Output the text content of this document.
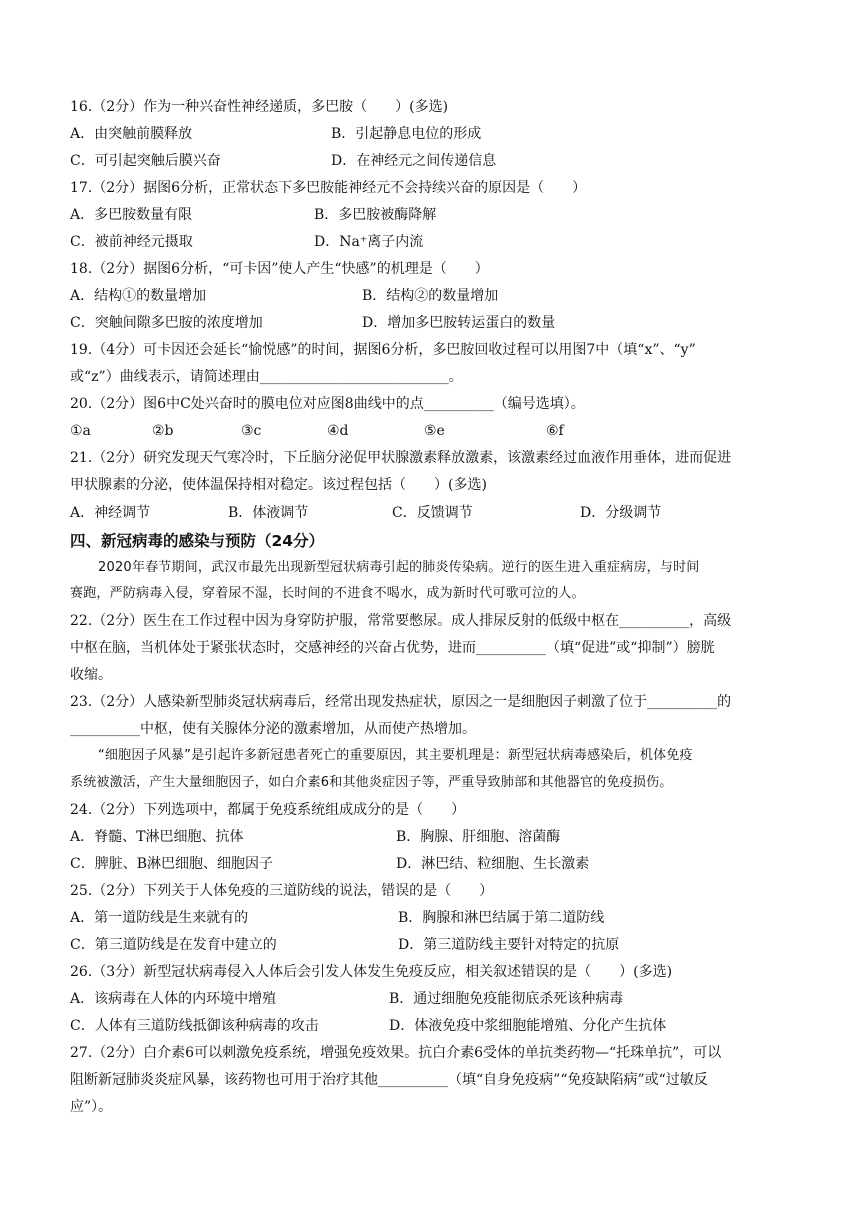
16.（2分）作为一种兴奋性神经递质，多巴胺（　　）(多选)
A．由突触前膜释放	B．引起静息电位的形成
C．可引起突触后膜兴奋	D．在神经元之间传递信息
17.（2分）据图6分析，正常状态下多巴胺能神经元不会持续兴奋的原因是（　　）
A．多巴胺数量有限	B．多巴胺被酶降解
C．被前神经元摄取	D．Na⁺离子内流
18.（2分）据图6分析，“可卡因”使人产生“快感”的机理是（　　）
A．结构①的数量增加	B．结构②的数量增加
C．突触间隙多巴胺的浓度增加	D．增加多巴胺转运蛋白的数量
19.（4分）可卡因还会延长“愉悦感”的时间，据图6分析，多巴胺回收过程可以用图7中（填“x”、“y”
或“z”）曲线表示，请简述理由___________________________。
20.（2分）图6中C处兴奋时的膜电位对应图8曲线中的点__________（编号选填）。
①a	②b	③c	④d	⑤e	⑥f
21.（2分）研究发现天气寒冷时，下丘脑分泌促甲状腺激素释放激素，该激素经过血液作用垂体，进而促进
甲状腺素的分泌，使体温保持相对稳定。该过程包括（　　）(多选)
A．神经调节	B．体液调节	C．反馈调节	D．分级调节
四、新冠病毒的感染与预防（24分）
2020年春节期间，武汉市最先出现新型冠状病毒引起的肺炎传染病。逆行的医生进入重症病房，与时间
赛跑，严防病毒入侵，穿着尿不湿，长时间的不进食不喝水，成为新时代可歌可泣的人。
22.（2分）医生在工作过程中因为身穿防护服，常常要憋尿。成人排尿反射的低级中枢在__________，高级
中枢在脑，当机体处于紧张状态时，交感神经的兴奋占优势，进而__________（填“促进”或“抑制”）膀胱
收缩。
23.（2分）人感染新型肺炎冠状病毒后，经常出现发热症状，原因之一是细胞因子刺激了位于__________的
__________中枢，使有关腺体分泌的激素增加，从而使产热增加。
“细胞因子风暴”是引起许多新冠患者死亡的重要原因，其主要机理是：新型冠状病毒感染后，机体免疫
系统被激活，产生大量细胞因子，如白介素6和其他炎症因子等，严重导致肺部和其他器官的免疫损伤。
24.（2分）下列选项中，都属于免疫系统组成成分的是（　　）
A．脊髓、T淋巴细胞、抗体	B．胸腺、肝细胞、溶菌酶
C．脾脏、B淋巴细胞、细胞因子	D．淋巴结、粒细胞、生长激素
25.（2分）下列关于人体免疫的三道防线的说法，错误的是（　　）
A．第一道防线是生来就有的	B．胸腺和淋巴结属于第二道防线
C．第三道防线是在发育中建立的	D．第三道防线主要针对特定的抗原
26.（3分）新型冠状病毒侵入人体后会引发人体发生免疫反应，相关叙述错误的是（　　）(多选)
A．该病毒在人体的内环境中增殖	B．通过细胞免疫能彻底杀死该种病毒
C．人体有三道防线抵御该种病毒的攻击	D．体液免疫中浆细胞能增殖、分化产生抗体
27.（2分）白介素6可以刺激免疫系统，增强免疫效果。抗白介素6受体的单抗类药物—“托珠单抗”，可以
阻断新冠肺炎炎症风暴，该药物也可用于治疗其他__________（填“自身免疫病”“免疫缺陷病”或“过敏反
应”）。
